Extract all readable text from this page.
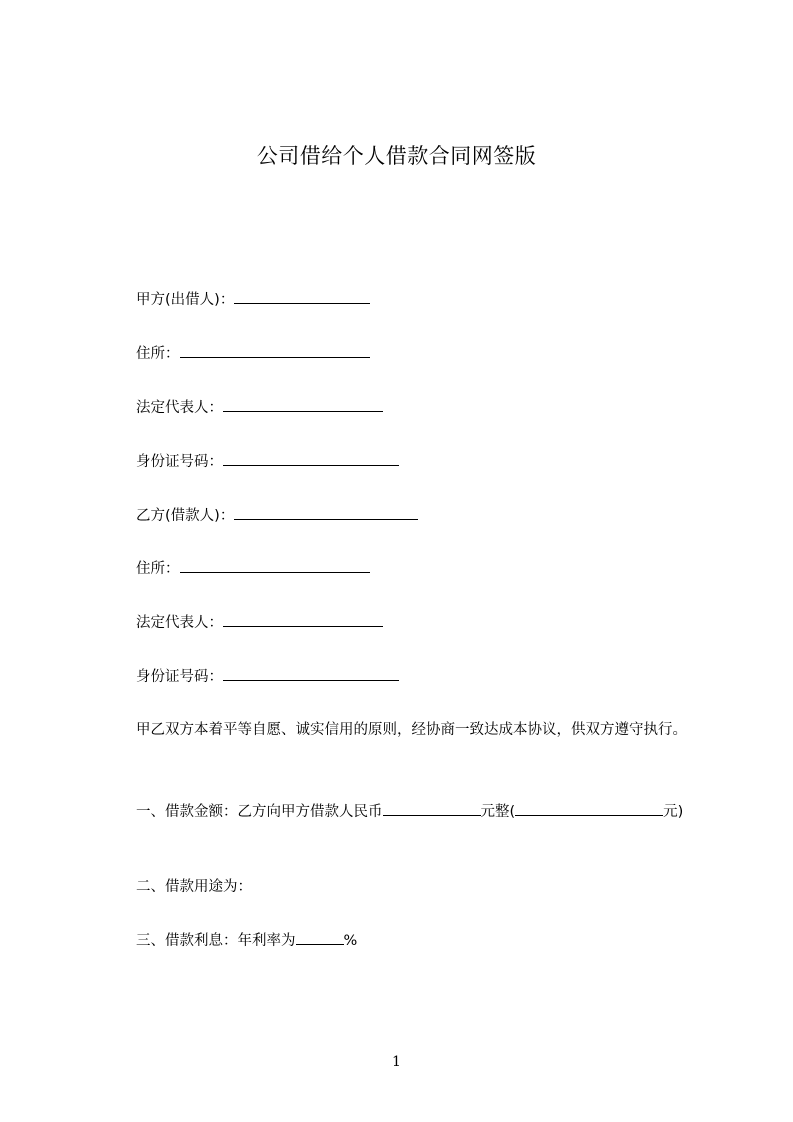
公司借给个人借款合同网签版
甲方(出借人)：
住所：
法定代表人：
身份证号码：
乙方(借款人)：
住所：
法定代表人：
身份证号码：
甲乙双方本着平等自愿、诚实信用的原则，经协商一致达成本协议，供双方遵守执行。
一、借款金额：乙方向甲方借款人民币	元整(	元)
二、借款用途为：
三、借款利息：年利率为	%
1
